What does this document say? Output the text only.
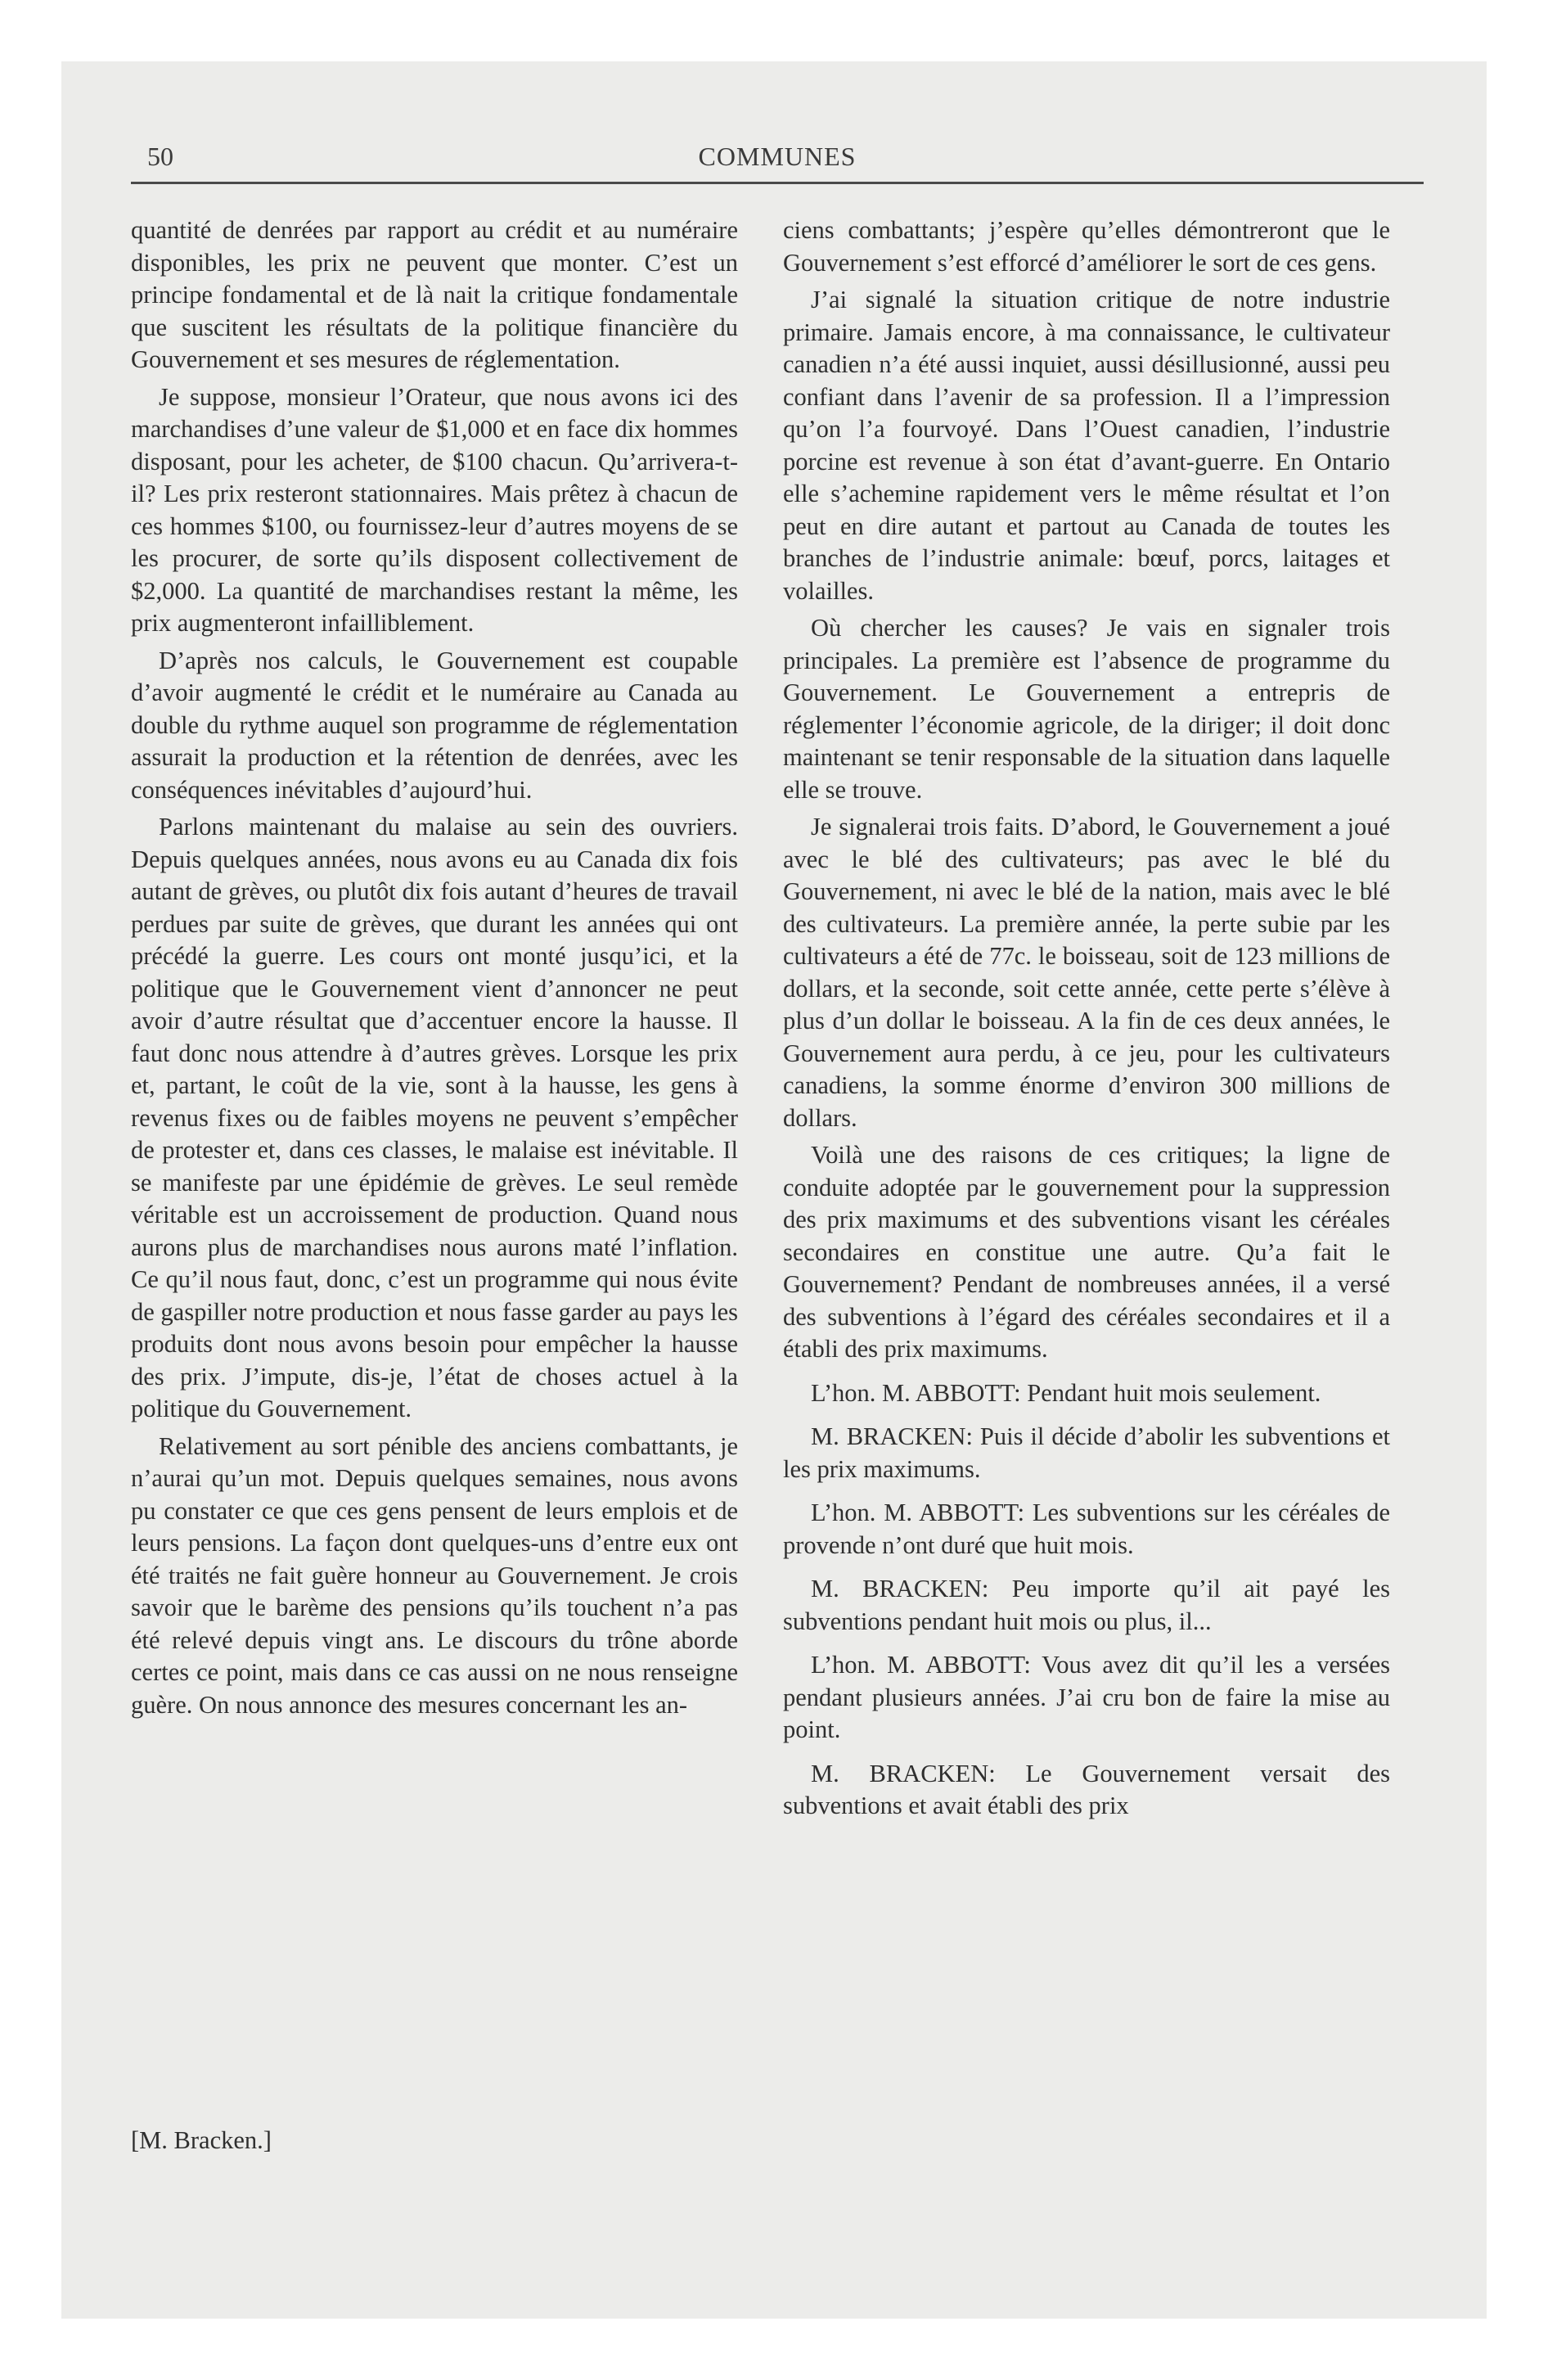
50	COMMUNES

quantité de denrées par rapport au crédit et au numéraire disponibles, les prix ne peuvent que monter. C’est un principe fondamental et de là nait la critique fondamentale que suscitent les résultats de la politique financière du Gouvernement et ses mesures de réglementation.

Je suppose, monsieur l’Orateur, que nous avons ici des marchandises d’une valeur de $1,000 et en face dix hommes disposant, pour les acheter, de $100 chacun. Qu’arrivera-t-il? Les prix resteront stationnaires. Mais prêtez à chacun de ces hommes $100, ou fournissez-leur d’autres moyens de se les procurer, de sorte qu’ils disposent collectivement de $2,000. La quantité de marchandises restant la même, les prix augmenteront infailliblement.

D’après nos calculs, le Gouvernement est coupable d’avoir augmenté le crédit et le numéraire au Canada au double du rythme auquel son programme de réglementation assurait la production et la rétention de denrées, avec les conséquences inévitables d’aujourd’hui.

Parlons maintenant du malaise au sein des ouvriers. Depuis quelques années, nous avons eu au Canada dix fois autant de grèves, ou plutôt dix fois autant d’heures de travail perdues par suite de grèves, que durant les années qui ont précédé la guerre. Les cours ont monté jusqu’ici, et la politique que le Gouvernement vient d’annoncer ne peut avoir d’autre résultat que d’accentuer encore la hausse. Il faut donc nous attendre à d’autres grèves. Lorsque les prix et, partant, le coût de la vie, sont à la hausse, les gens à revenus fixes ou de faibles moyens ne peuvent s’empêcher de protester et, dans ces classes, le malaise est inévitable. Il se manifeste par une épidémie de grèves. Le seul remède véritable est un accroissement de production. Quand nous aurons plus de marchandises nous aurons maté l’inflation. Ce qu’il nous faut, donc, c’est un programme qui nous évite de gaspiller notre production et nous fasse garder au pays les produits dont nous avons besoin pour empêcher la hausse des prix. J’impute, dis-je, l’état de choses actuel à la politique du Gouvernement.

Relativement au sort pénible des anciens combattants, je n’aurai qu’un mot. Depuis quelques semaines, nous avons pu constater ce que ces gens pensent de leurs emplois et de leurs pensions. La façon dont quelques-uns d’entre eux ont été traités ne fait guère honneur au Gouvernement. Je crois savoir que le barème des pensions qu’ils touchent n’a pas été relevé depuis vingt ans. Le discours du trône aborde certes ce point, mais dans ce cas aussi on ne nous renseigne guère. On nous annonce des mesures concernant les an-

ciens combattants; j’espère qu’elles démontreront que le Gouvernement s’est efforcé d’améliorer le sort de ces gens.

J’ai signalé la situation critique de notre industrie primaire. Jamais encore, à ma connaissance, le cultivateur canadien n’a été aussi inquiet, aussi désillusionné, aussi peu confiant dans l’avenir de sa profession. Il a l’impression qu’on l’a fourvoyé. Dans l’Ouest canadien, l’industrie porcine est revenue à son état d’avant-guerre. En Ontario elle s’achemine rapidement vers le même résultat et l’on peut en dire autant et partout au Canada de toutes les branches de l’industrie animale: bœuf, porcs, laitages et volailles.

Où chercher les causes? Je vais en signaler trois principales. La première est l’absence de programme du Gouvernement. Le Gouvernement a entrepris de réglementer l’économie agricole, de la diriger; il doit donc maintenant se tenir responsable de la situation dans laquelle elle se trouve.

Je signalerai trois faits. D’abord, le Gouvernement a joué avec le blé des cultivateurs; pas avec le blé du Gouvernement, ni avec le blé de la nation, mais avec le blé des cultivateurs. La première année, la perte subie par les cultivateurs a été de 77c. le boisseau, soit de 123 millions de dollars, et la seconde, soit cette année, cette perte s’élève à plus d’un dollar le boisseau. A la fin de ces deux années, le Gouvernement aura perdu, à ce jeu, pour les cultivateurs canadiens, la somme énorme d’environ 300 millions de dollars.

Voilà une des raisons de ces critiques; la ligne de conduite adoptée par le gouvernement pour la suppression des prix maximums et des subventions visant les céréales secondaires en constitue une autre. Qu’a fait le Gouvernement? Pendant de nombreuses années, il a versé des subventions à l’égard des céréales secondaires et il a établi des prix maximums.

L’hon. M. ABBOTT: Pendant huit mois seulement.

M. BRACKEN: Puis il décide d’abolir les subventions et les prix maximums.

L’hon. M. ABBOTT: Les subventions sur les céréales de provende n’ont duré que huit mois.

M. BRACKEN: Peu importe qu’il ait payé les subventions pendant huit mois ou plus, il...

L’hon. M. ABBOTT: Vous avez dit qu’il les a versées pendant plusieurs années. J’ai cru bon de faire la mise au point.

M. BRACKEN: Le Gouvernement versait des subventions et avait établi des prix

[M. Bracken.]
